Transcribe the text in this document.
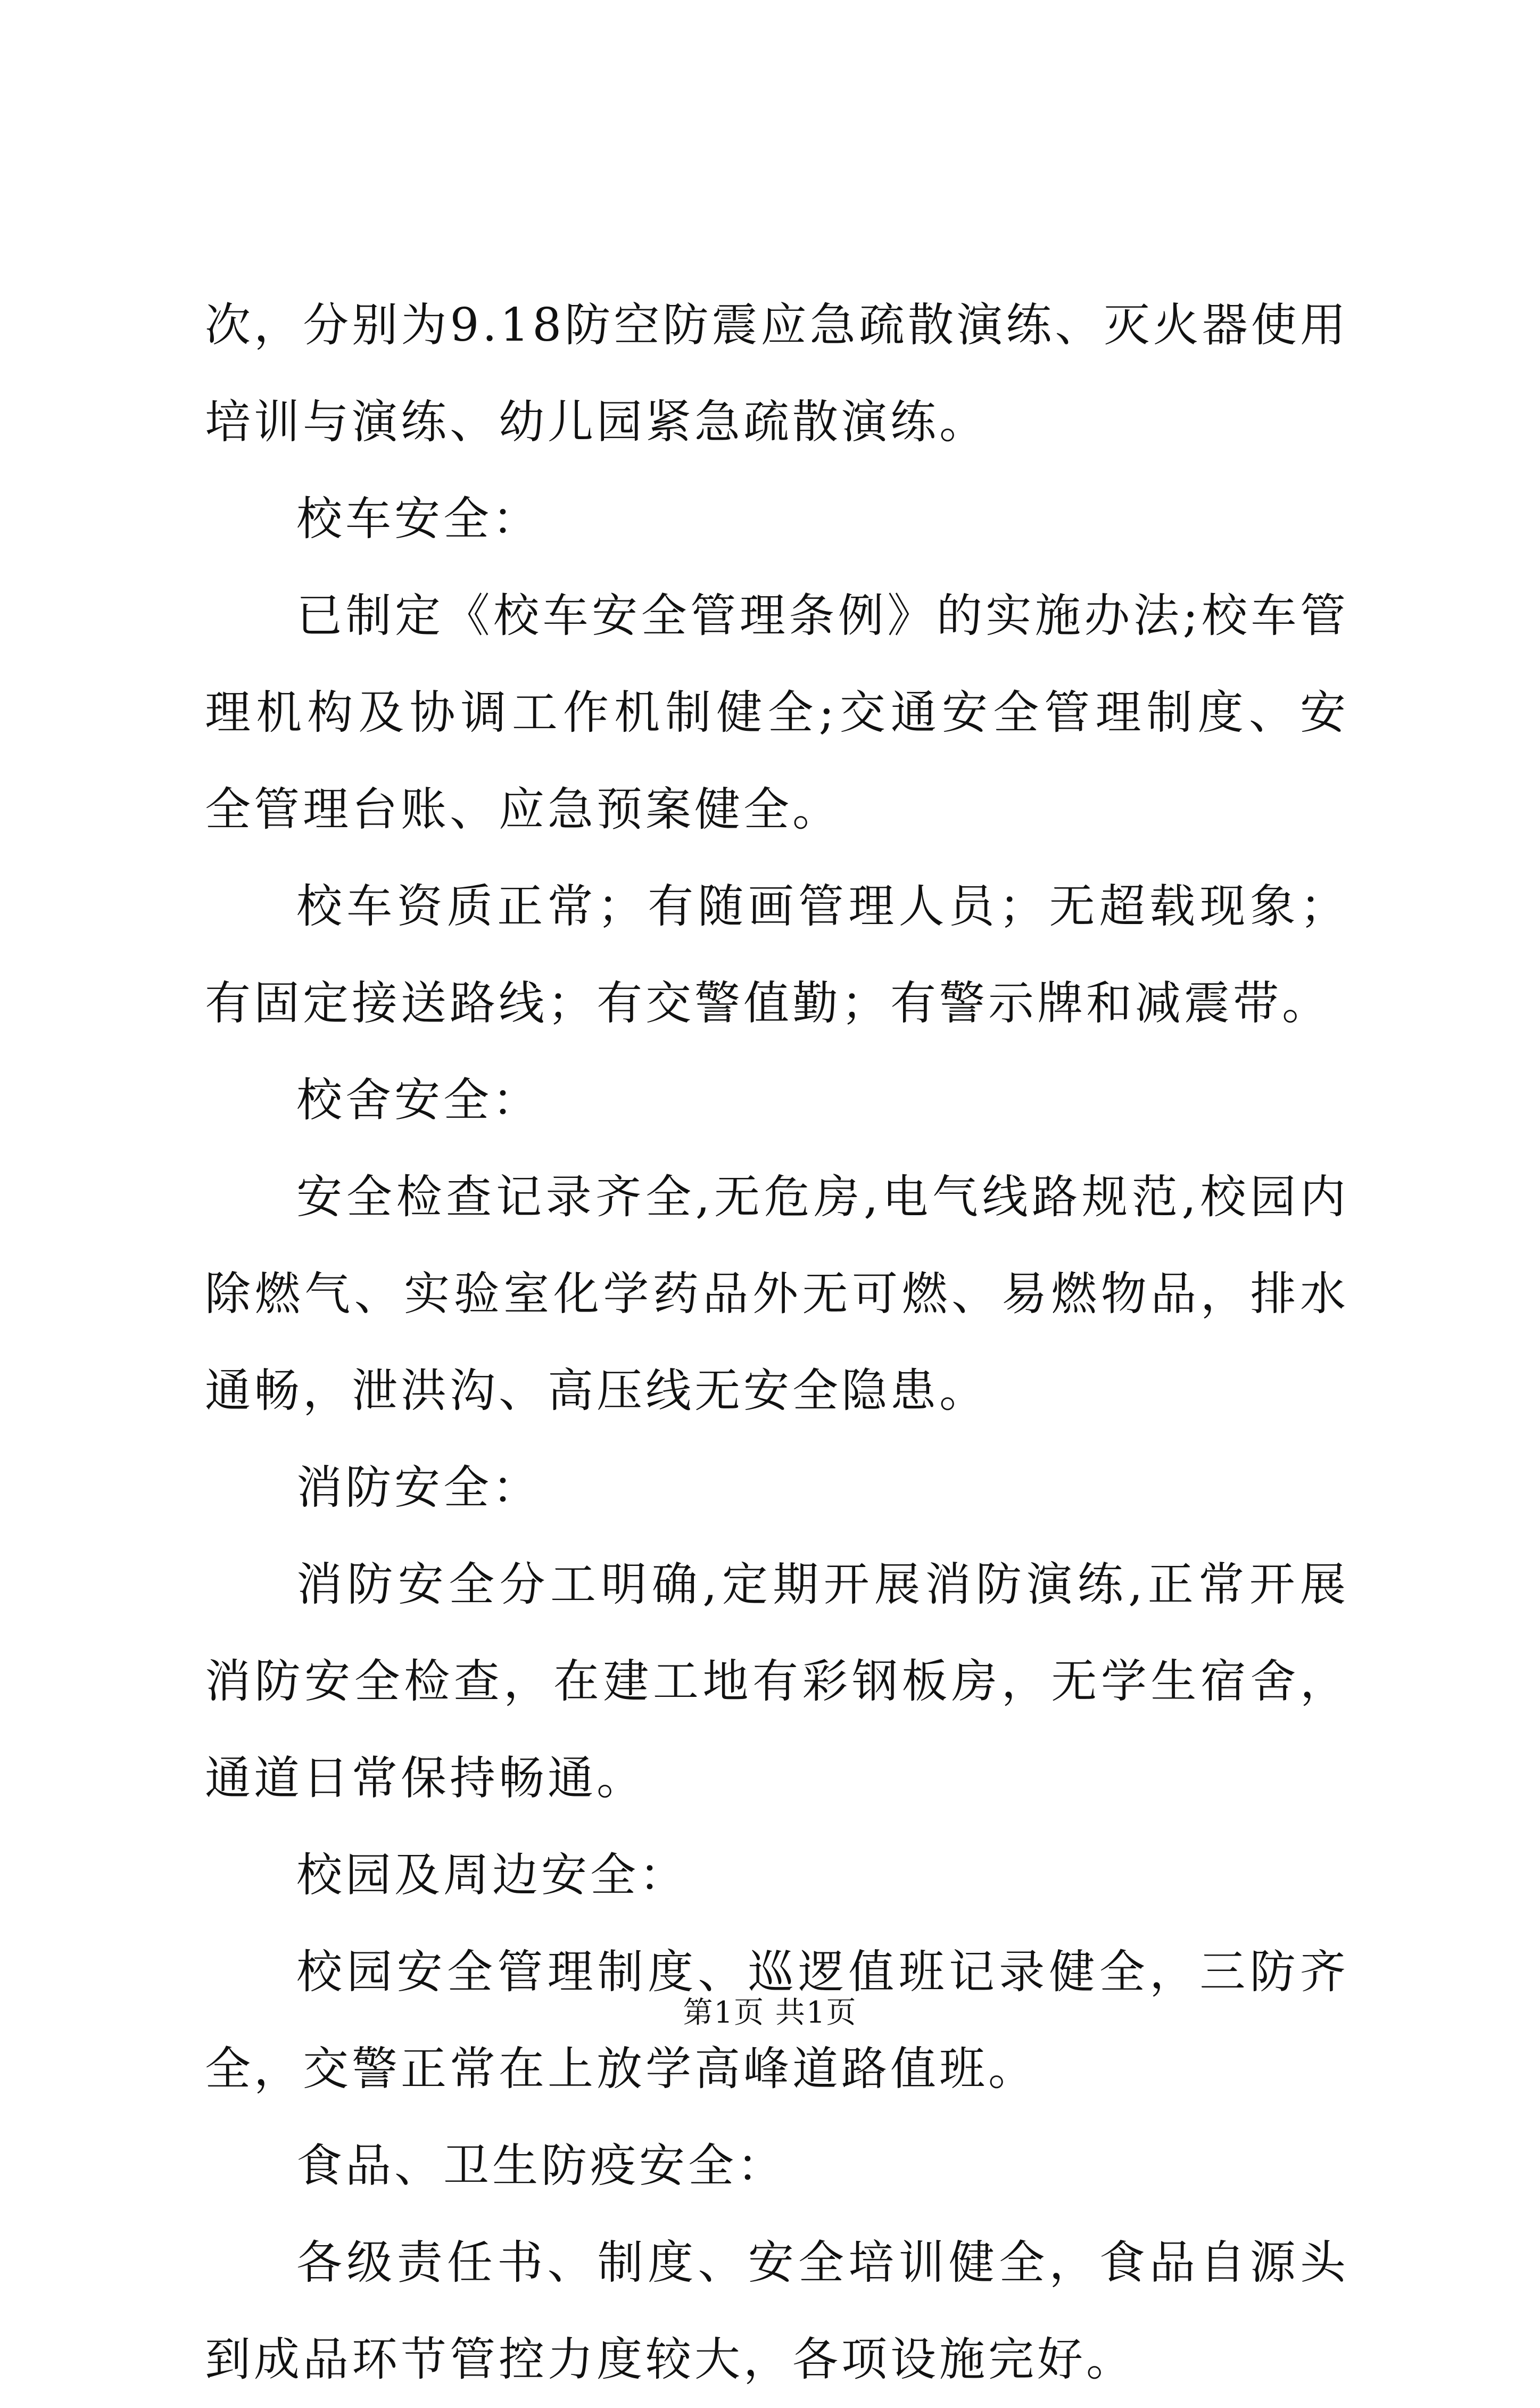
次，分别为9.18防空防震应急疏散演练、灭火器使用培训与演练、幼儿园紧急疏散演练。

校车安全：

已制定《校车安全管理条例》的实施办法;校车管理机构及协调工作机制健全;交通安全管理制度、安全管理台账、应急预案健全。

校车资质正常；有随画管理人员；无超载现象；有固定接送路线；有交警值勤；有警示牌和减震带。

校舍安全：

安全检查记录齐全,无危房,电气线路规范,校园内除燃气、实验室化学药品外无可燃、易燃物品，排水通畅，泄洪沟、高压线无安全隐患。

消防安全：

消防安全分工明确,定期开展消防演练,正常开展消防安全检查，在建工地有彩钢板房，无学生宿舍，通道日常保持畅通。

校园及周边安全：

校园安全管理制度、巡逻值班记录健全，三防齐全，交警正常在上放学高峰道路值班。

食品、卫生防疫安全：

各级责任书、制度、安全培训健全，食品自源头到成品环节管控力度较大，各项设施完好。

第1页 共1页
